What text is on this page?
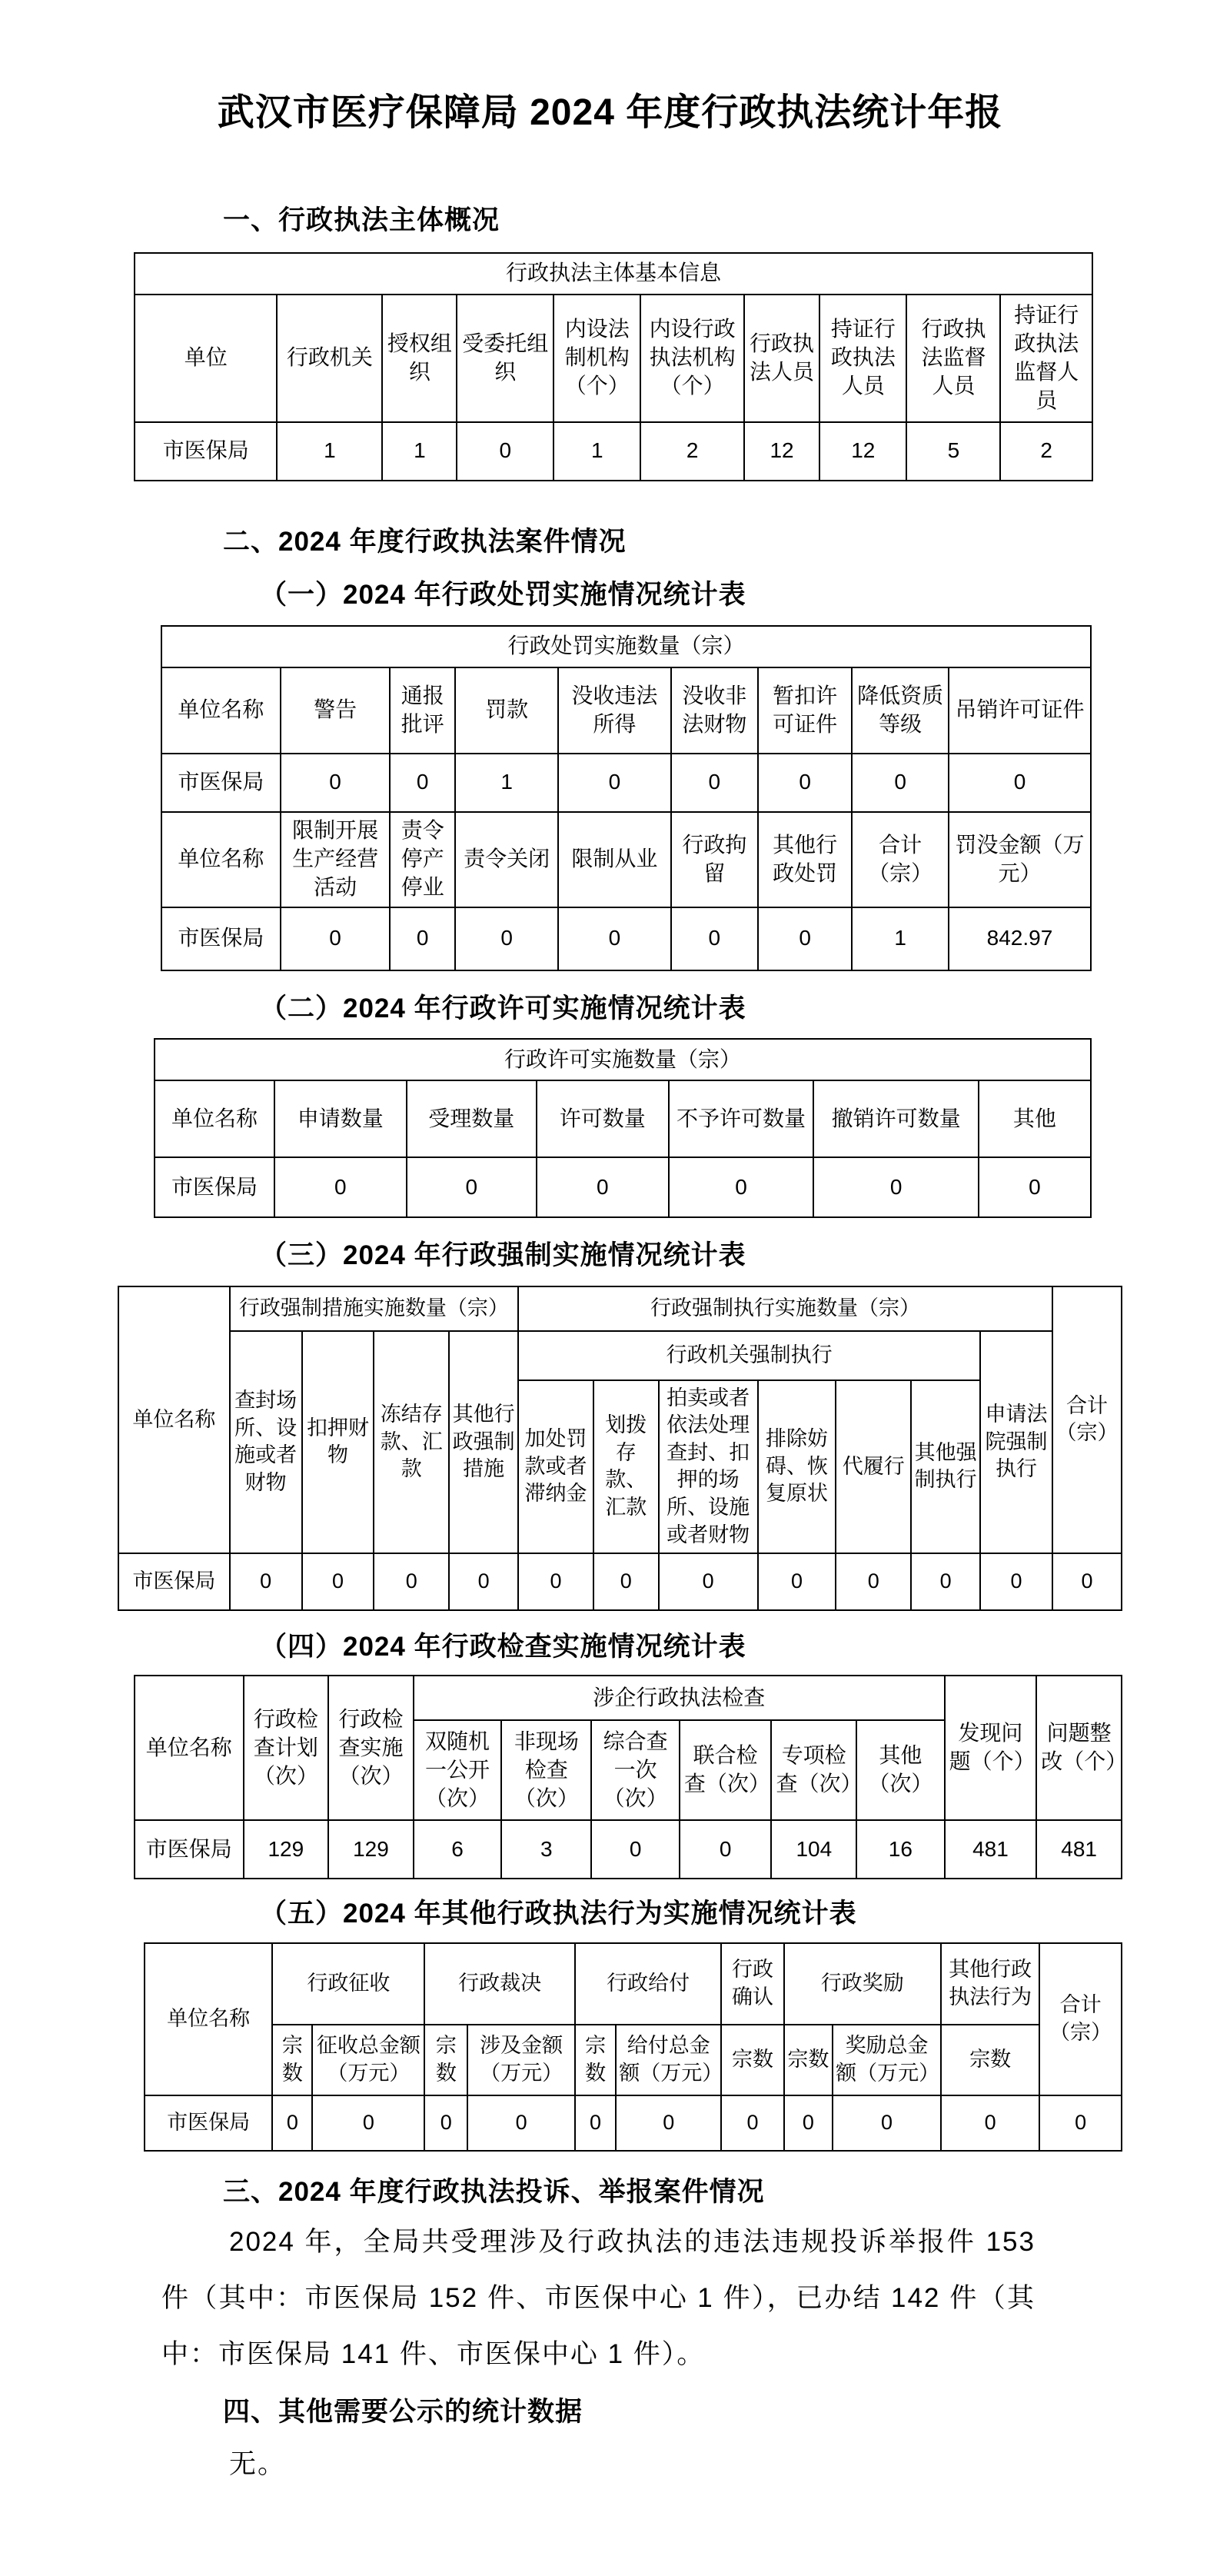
武汉市医疗保障局 2024 年度行政执法统计年报
一、行政执法主体概况
行政执法主体基本信息									
单位	行政机关	授权组织	受委托组织	内设法制机构（个）	内设行政执法机构（个）	行政执法人员	持证行政执法人员	行政执法监督人员	持证行政执法监督人员
市医保局	1	1	0	1	2	12	12	5	2
二、2024 年度行政执法案件情况
（一）2024 年行政处罚实施情况统计表
行政处罚实施数量（宗）								
单位名称	警告	通报批评	罚款	没收违法所得	没收非法财物	暂扣许可证件	降低资质等级	吊销许可证件
市医保局	0	0	1	0	0	0	0	0
单位名称	限制开展生产经营活动	责令停产停业	责令关闭	限制从业	行政拘留	其他行政处罚	合计（宗）	罚没金额（万元）
市医保局	0	0	0	0	0	0	1	842.97
（二）2024 年行政许可实施情况统计表
行政许可实施数量（宗）						
单位名称	申请数量	受理数量	许可数量	不予许可数量	撤销许可数量	其他
市医保局	0	0	0	0	0	0
（三）2024 年行政强制实施情况统计表
单位名称	行政强制措施实施数量（宗）				行政强制执行实施数量（宗）							合计（宗）
	查封场所、设施或者财物	扣押财物	冻结存款、汇款	其他行政强制措施	行政机关强制执行						申请法院强制执行	
					加处罚款或者滞纳金	划拨存款、汇款	拍卖或者依法处理查封、扣押的场所、设施或者财物	排除妨碍、恢复原状	代履行	其他强制执行		
市医保局	0	0	0	0	0	0	0	0	0	0	0	0
（四）2024 年行政检查实施情况统计表
单位名称	行政检查计划（次）	行政检查实施（次）	涉企行政执法检查						发现问题（个）	问题整改（个）
			双随机一公开（次）	非现场检查（次）	综合查一次（次）	联合检查（次）	专项检查（次）	其他（次）		
市医保局	129	129	6	3	0	0	104	16	481	481
（五）2024 年其他行政执法行为实施情况统计表
单位名称	行政征收		行政裁决		行政给付		行政确认	行政奖励		其他行政执法行为	合计（宗）
	宗数	征收总金额（万元）	宗数	涉及金额（万元）	宗数	给付总金额（万元）	宗数	宗数	奖励总金额（万元）	宗数	
市医保局	0	0	0	0	0	0	0	0	0	0	0
三、2024 年度行政执法投诉、举报案件情况

2024 年，全局共受理涉及行政执法的违法违规投诉举报件 153 件（其中：市医保局 152 件、市医保中心 1 件），已办结 142 件（其中：市医保局 141 件、市医保中心 1 件）。

四、其他需要公示的统计数据

无。
